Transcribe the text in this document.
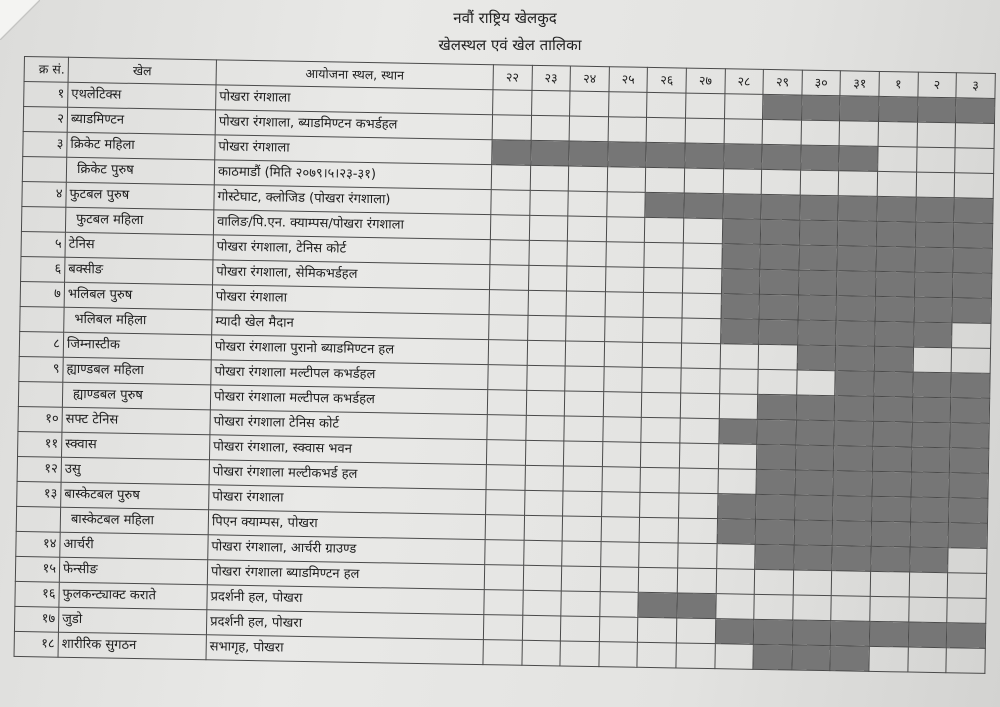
नवौं राष्ट्रिय खेलकुद
खेलस्थल एवं खेल तालिका
क्र सं.	खेल	आयोजना स्थल, स्थान	२२	२३	२४	२५	२६	२७	२८	२९	३०	३१	१	२	३
१	एथलेटिक्स	पोखरा रंगशाला													
२	ब्याडमिण्टन	पोखरा रंगशाला, ब्याडमिण्टन कभर्डहल													
३	क्रिकेट महिला	पोखरा रंगशाला													
	क्रिकेट पुरुष	काठमाडौं (मिति २०७९।५।२३-३१)													
४	फुटबल पुरुष	गोस्टेघाट, क्लोजिड (पोखरा रंगशाला)													
	फुटबल महिला	वालिङ/पि.एन. क्याम्पस/पोखरा रंगशाला													
५	टेनिस	पोखरा रंगशाला, टेनिस कोर्ट													
६	बक्सीङ	पोखरा रंगशाला, सेमिकभर्डहल													
७	भलिबल पुरुष	पोखरा रंगशाला													
	भलिबल महिला	म्यादी खेल मैदान													
८	जिम्नास्टीक	पोखरा रंगशाला पुरानो ब्याडमिण्टन हल													
९	ह्याण्डबल महिला	पोखरा रंगशाला मल्टीपल कभर्डहल													
	ह्याण्डबल पुरुष	पोखरा रंगशाला मल्टीपल कभर्डहल													
१०	सफ्ट टेनिस	पोखरा रंगशाला टेनिस कोर्ट													
११	स्क्वास	पोखरा रंगशाला, स्क्वास भवन													
१२	उसु	पोखरा रंगशाला मल्टीकभर्ड हल													
१३	बास्केटबल पुरुष	पोखरा रंगशाला													
	बास्केटबल महिला	पिएन क्याम्पस, पोखरा													
१४	आर्चरी	पोखरा रंगशाला, आर्चरी ग्राउण्ड													
१५	फेन्सीङ	पोखरा रंगशाला ब्याडमिण्टन हल													
१६	फुलकन्ट्याक्ट कराते	प्रदर्शनी हल, पोखरा													
१७	जुडो	प्रदर्शनी हल, पोखरा													
१८	शारीरिक सुगठन	सभागृह, पोखरा													
